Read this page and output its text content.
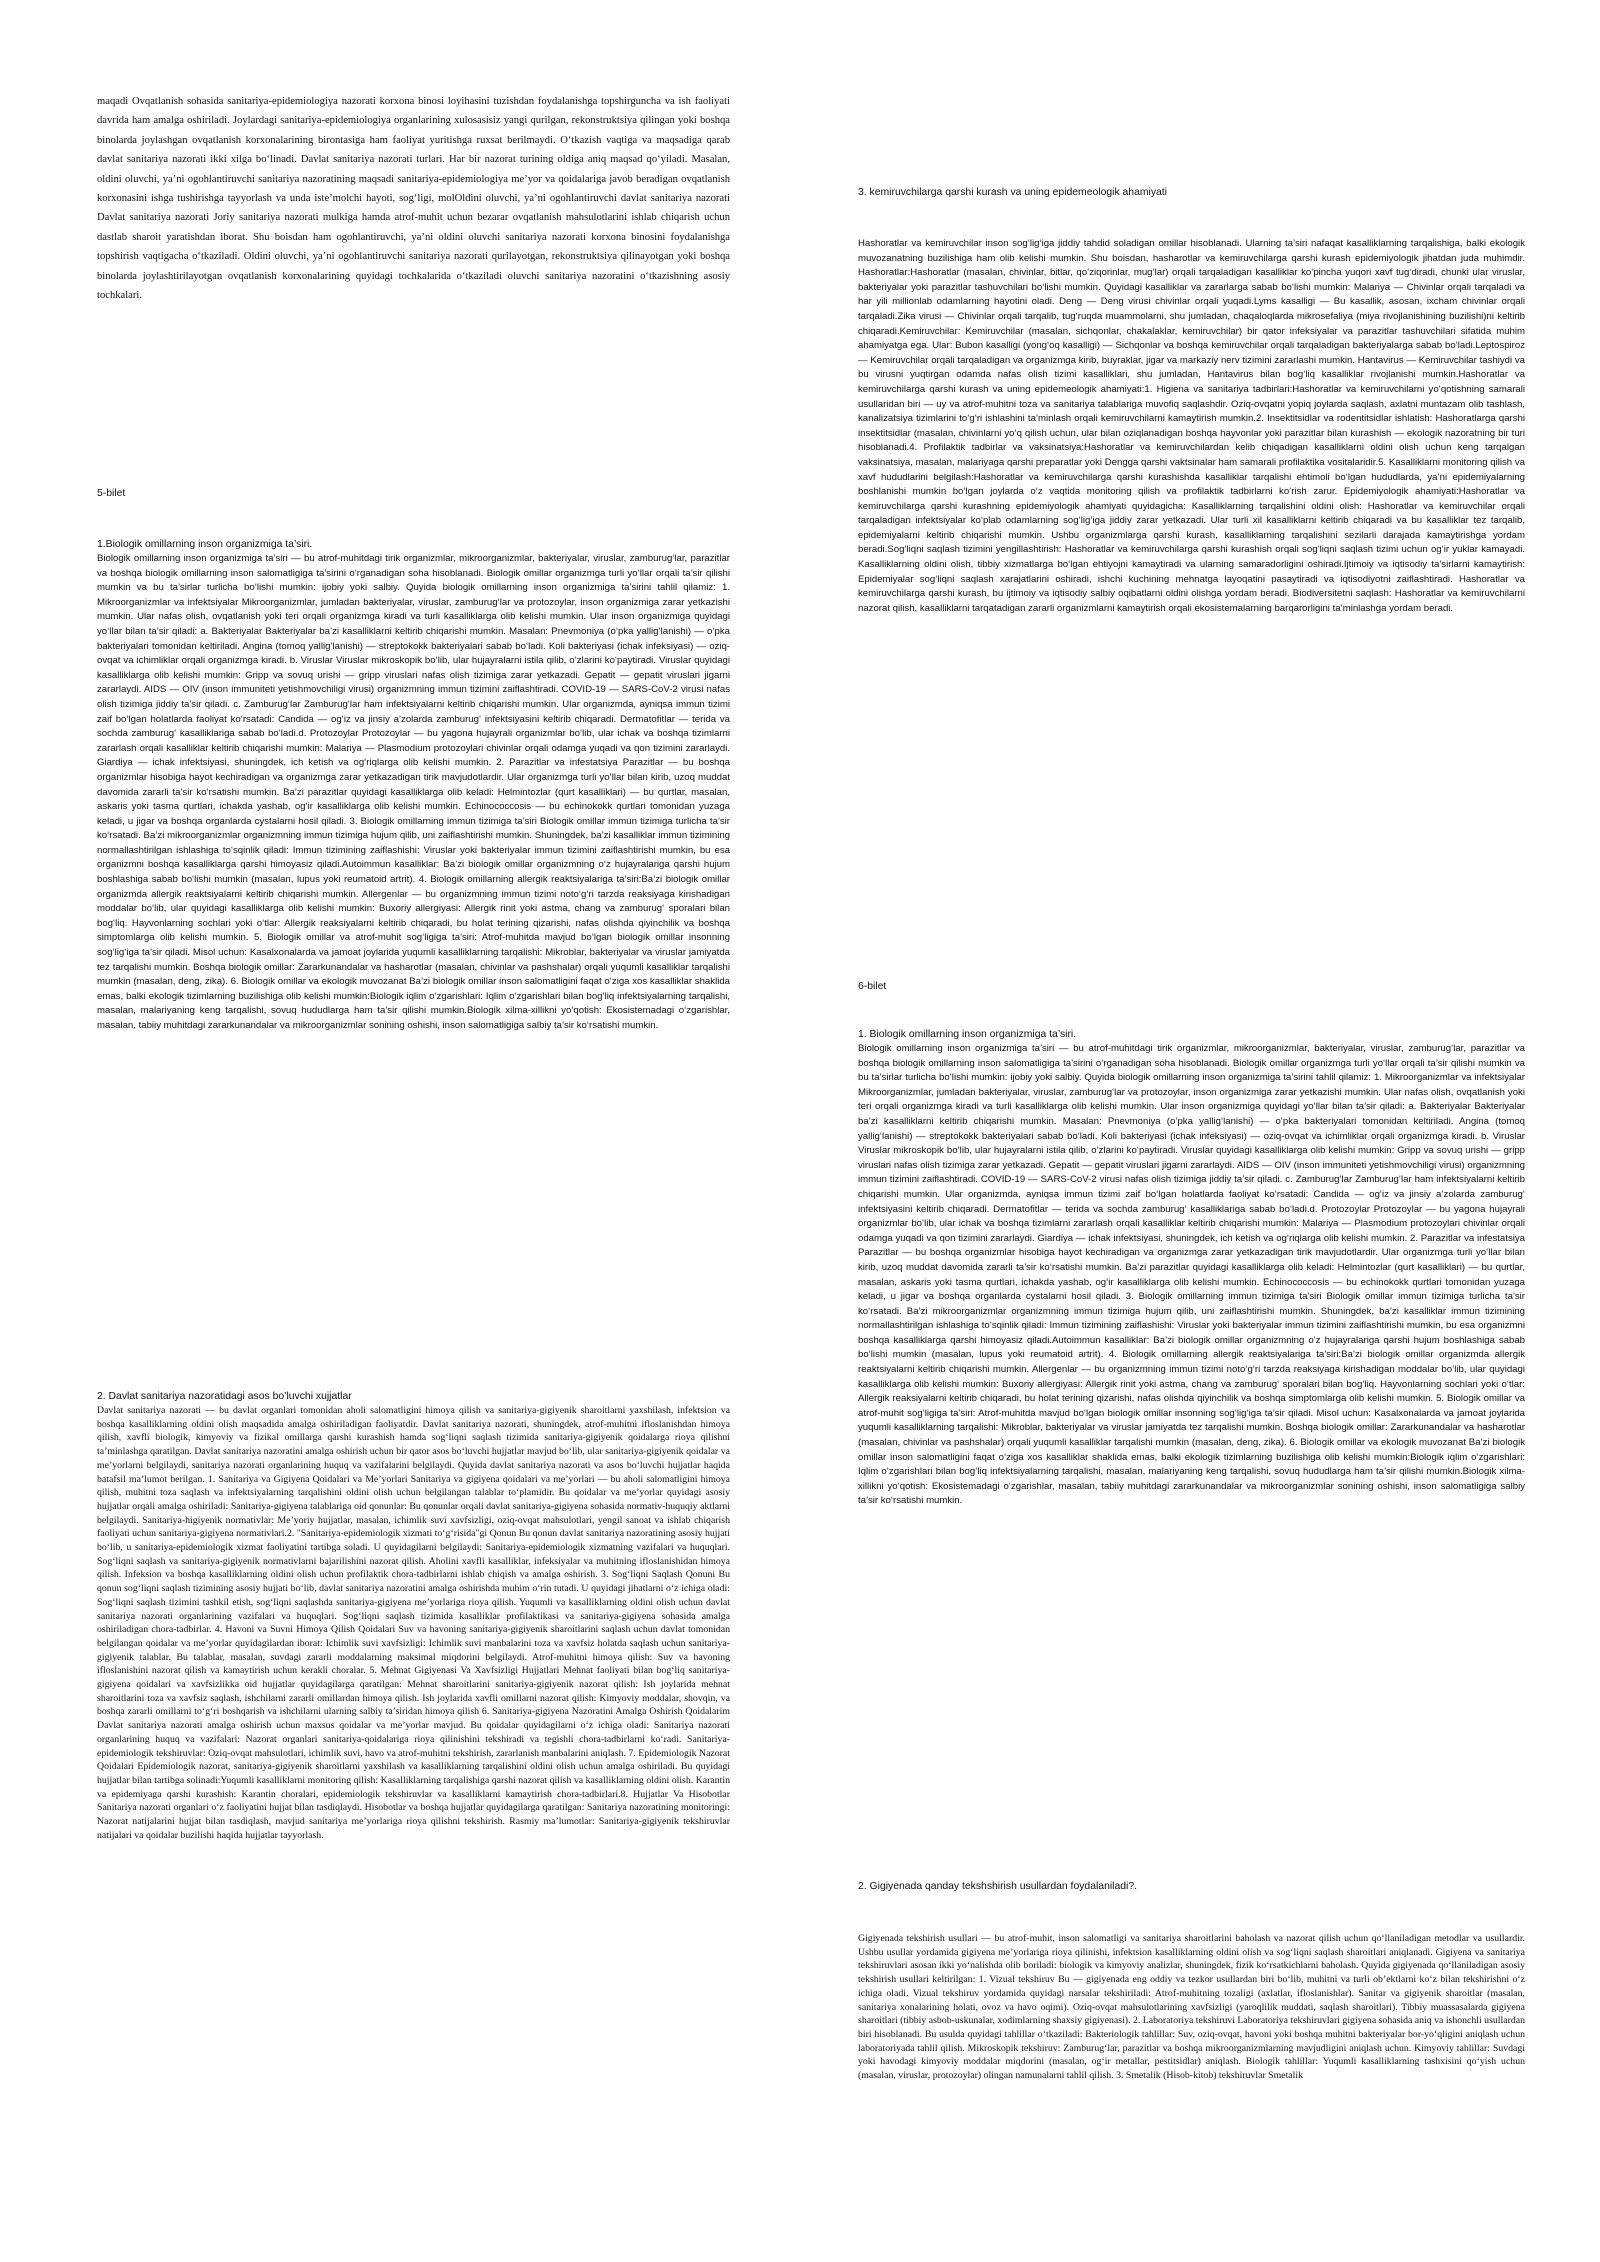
maqadi Ovqatlanish sohasida sanitariya-epidemiologiya nazorati korxona binosi loyihasini tuzishdan foydalanishga topshirguncha va ish faoliyati davrida ham amalga oshiriladi. Joylardagi sanitariya-epidemiologiya organlarining xulosasisiz yangi qurilgan, rekonstruktsiya qilingan yoki boshqa binolarda joylashgan ovqatlanish korxonalarining birontasiga ham faoliyat yuritishga ruxsat berilmaydi. O‘tkazish vaqtiga va maqsadiga qarab davlat sanitariya nazorati ikki xilga bo‘linadi. Davlat sanitariya nazorati turlari. Har bir nazorat turining oldiga aniq maqsad qo‘yiladi. Masalan, oldini oluvchi, ya’ni ogohlantiruvchi sanitariya nazoratining maqsadi sanitariya-epidemiologiya me’yor va qoidalariga javob beradigan ovqatlanish korxonasini ishga tushirishga tayyorlash va unda iste’molchi hayoti, sog‘ligi, molOldini oluvchi, ya’ni ogohlantiruvchi davlat sanitariya nazorati Davlat sanitariya nazorati Joriy sanitariya nazorati mulkiga hamda atrof-muhit uchun bezarar ovqatlanish mahsulotlarini ishlab chiqarish uchun dastlab sharoit yaratishdan iborat. Shu boisdan ham ogohlantiruvchi, ya’ni oldini oluvchi sanitariya nazorati korxona binosini foydalanishga topshirish vaqtigacha o‘tkaziladi. Oldini oluvchi, ya’ni ogohlantiruvchi sanitariya nazorati qurilayotgan, rekonstruktsiya qilinayotgan yoki boshqa binolarda joylashtirilayotgan ovqatlanish korxonalarining quyidagi tochkalarida o‘tkaziladi oluvchi sanitariya nazoratini o‘tkazishning asosiy tochkalari.

5-bilet

1.Biologik omillarning inson organizmiga ta’siri.

Biologik omillarning inson organizmiga ta’siri — bu atrof-muhitdagi tirik organizmlar, mikroorganizmlar, bakteriyalar, viruslar, zamburug‘lar, parazitlar va boshqa biologik omillarning inson salomatligiga ta’sirini o‘rganadigan soha hisoblanadi. Biologik omillar organizmga turli yo‘llar orqali ta’sir qilishi mumkin va bu ta’sirlar turlicha bo‘lishi mumkin: ijobiy yoki salbiy. Quyida biologik omillarning inson organizmiga ta’sirini tahlil qilamiz: 1. Mikroorganizmlar va infektsiyalar Mikroorganizmlar, jumladan bakteriyalar, viruslar, zamburug‘lar va protozoylar, inson organizmiga zarar yetkazishi mumkin. Ular nafas olish, ovqatlanish yoki teri orqali organizmga kiradi va turli kasalliklarga olib kelishi mumkin. Ular inson organizmiga quyidagi yo‘llar bilan ta’sir qiladi: a. Bakteriyalar Bakteriyalar ba’zi kasalliklarni keltirib chiqarishi mumkin. Masalan: Pnevmoniya (o‘pka yallig‘lanishi) — o‘pka bakteriyalari tomonidan keltiriladi. Angina (tomoq yallig‘lanishi) — streptokokk bakteriyalari sabab bo‘ladi. Koli bakteriyasi (ichak infeksiyasi) — oziq-ovqat va ichimliklar orqali organizmga kiradi. b. Viruslar Viruslar mikroskopik bo‘lib, ular hujayralarni istila qilib, o‘zlarini ko‘paytiradi. Viruslar quyidagi kasalliklarga olib kelishi mumkin: Gripp va sovuq urishi — gripp viruslari nafas olish tizimiga zarar yetkazadi. Gepatit — gepatit viruslari jigarni zararlaydi. AIDS — OIV (inson immuniteti yetishmovchiligi virusi) organizmning immun tizimini zaiflashtiradi. COVID-19 — SARS-CoV-2 virusi nafas olish tizimiga jiddiy ta’sir qiladi. c. Zamburug‘lar Zamburug‘lar ham infektsiyalarni keltirib chiqarishi mumkin. Ular organizmda, ayniqsa immun tizimi zaif bo‘lgan holatlarda faoliyat ko‘rsatadi: Candida — og‘iz va jinsiy a’zolarda zamburug‘ infektsiyasini keltirib chiqaradi. Dermatofitlar — terida va sochda zamburug‘ kasalliklariga sabab bo‘ladi.d. Protozoylar Protozoylar — bu yagona hujayrali organizmlar bo‘lib, ular ichak va boshqa tizimlarni zararlash orqali kasalliklar keltirib chiqarishi mumkin: Malariya — Plasmodium protozoylari chivinlar orqali odamga yuqadi va qon tizimini zararlaydi. Giardiya — ichak infektsiyasi, shuningdek, ich ketish va og‘riqlarga olib kelishi mumkin. 2. Parazitlar va infestatsiya Parazitlar — bu boshqa organizmlar hisobiga hayot kechiradigan va organizmga zarar yetkazadigan tirik mavjudotlardir. Ular organizmga turli yo‘llar bilan kirib, uzoq muddat davomida zararli ta’sir ko‘rsatishi mumkin. Ba’zi parazitlar quyidagi kasalliklarga olib keladi: Helmintozlar (qurt kasalliklari) — bu qurtlar, masalan, askaris yoki tasma qurtlari, ichakda yashab, og‘ir kasalliklarga olib kelishi mumkin. Echinococcosis — bu echinokokk qurtlari tomonidan yuzaga keladi, u jigar va boshqa organlarda cystalarni hosil qiladi. 3. Biologik omillarning immun tizimiga ta’siri Biologik omillar immun tizimiga turlicha ta’sir ko‘rsatadi. Ba’zi mikroorganizmlar organizmning immun tizimiga hujum qilib, uni zaiflashtirishi mumkin. Shuningdek, ba’zi kasalliklar immun tizimining normallashtirilgan ishlashiga to‘sqinlik qiladi: Immun tizimining zaiflashishi: Viruslar yoki bakteriyalar immun tizimini zaiflashtirishi mumkin, bu esa organizmni boshqa kasalliklarga qarshi himoyasiz qiladi.Autoimmun kasalliklar: Ba’zi biologik omillar organizmning o‘z hujayralariga qarshi hujum boshlashiga sabab bo‘lishi mumkin (masalan, lupus yoki reumatoid artrit). 4. Biologik omillarning allergik reaktsiyalariga ta’siri:Ba’zi biologik omillar organizmda allergik reaktsiyalarni keltirib chiqarishi mumkin. Allergenlar — bu organizmning immun tizimi noto‘g‘ri tarzda reaksiyaga kirishadigan moddalar bo‘lib, ular quyidagi kasalliklarga olib kelishi mumkin: Buxoriy allergiyasi: Allergik rinit yoki astma, chang va zamburug‘ sporalari bilan bog‘liq. Hayvonlarning sochlari yoki o‘tlar: Allergik reaksiyalarni keltirib chiqaradi, bu holat terining qizarishi, nafas olishda qiyinchilik va boshqa simptomlarga olib kelishi mumkin. 5. Biologik omillar va atrof-muhit sog‘ligiga ta’siri: Atrof-muhitda mavjud bo‘lgan biologik omillar insonning sog‘lig‘iga ta’sir qiladi. Misol uchun: Kasalxonalarda va jamoat joylarida yuqumli kasalliklarning tarqalishi: Mikroblar, bakteriyalar va viruslar jamiyatda tez tarqalishi mumkin. Boshqa biologik omillar: Zararkunandalar va hasharotlar (masalan, chivinlar va pashshalar) orqali yuqumli kasalliklar tarqalishi mumkin (masalan, deng, zika). 6. Biologik omillar va ekologik muvozanat Ba’zi biologik omillar inson salomatligini faqat o‘ziga xos kasalliklar shaklida emas, balki ekologik tizimlarning buzilishiga olib kelishi mumkin:Biologik iqlim o‘zgarishlari: Iqlim o‘zgarishlari bilan bog‘liq infektsiyalarning tarqalishi, masalan, malariyaning keng tarqalishi, sovuq hududlarga ham ta’sir qilishi mumkin.Biologik xilma-xillikni yo‘qotish: Ekosistemadagi o‘zgarishlar, masalan, tabiiy muhitdagi zararkunandalar va mikroorganizmlar sonining oshishi, inson salomatligiga salbiy ta’sir ko‘rsatishi mumkin.

2. Davlat sanitariya nazoratidagi asos bo’luvchi xujjatlar

Davlat sanitariya nazorati — bu davlat organlari tomonidan aholi salomatligini himoya qilish va sanitariya-gigiyenik sharoitlarni yaxshilash, infektsion va boshqa kasalliklarning oldini olish maqsadida amalga oshiriladigan faoliyatdir. Davlat sanitariya nazorati, shuningdek, atrof-muhitni ifloslanishdan himoya qilish, xavfli biologik, kimyoviy va fizikal omillarga qarshi kurashish hamda sog‘liqni saqlash tizimida sanitariya-gigiyenik qoidalarga rioya qilishni ta’minlashga qaratilgan. Davlat sanitariya nazoratini amalga oshirish uchun bir qator asos bo‘luvchi hujjatlar mavjud bo‘lib, ular sanitariya-gigiyenik qoidalar va me’yorlarni belgilaydi, sanitariya nazorati organlarining huquq va vazifalarini belgilaydi. Quyida davlat sanitariya nazorati va asos bo‘luvchi hujjatlar haqida batafsil ma’lumot berilgan. 1. Sanitariya va Gigiyena Qoidalari va Me’yorlari Sanitariya va gigiyena qoidalari va me’yorlari — bu aholi salomatligini himoya qilish, muhitni toza saqlash va infektsiyalarning tarqalishini oldini olish uchun belgilangan talablar to‘plamidir. Bu qoidalar va me’yorlar quyidagi asosiy hujjatlar orqali amalga oshiriladi: Sanitariya-gigiyena talablariga oid qonunlar: Bu qonunlar orqali davlat sanitariya-gigiyena sohasida normativ-huquqiy aktlarni belgilaydi. Sanitariya-higiyenik normativlar: Me’yoriy hujjatlar, masalan, ichimlik suvi xavfsizligi, oziq-ovqat mahsulotlari, yengil sanoat va ishlab chiqarish faoliyati uchun sanitariya-gigiyena normativlari.2. "Sanitariya-epidemiologik xizmati to‘g‘risida"gi Qonun Bu qonun davlat sanitariya nazoratining asosiy hujjati bo‘lib, u sanitariya-epidemiologik xizmat faoliyatini tartibga soladi. U quyidagilarni belgilaydi: Sanitariya-epidemiologik xizmatning vazifalari va huquqlari. Sog‘liqni saqlash va sanitariya-gigiyenik normativlarni bajarilishini nazorat qilish. Aholini xavfli kasalliklar, infeksiyalar va muhitning ifloslanishidan himoya qilish. Infeksion va boshqa kasalliklarning oldini olish uchun profilaktik chora-tadbirlarni ishlab chiqish va amalga oshirish. 3. Sog‘liqni Saqlash Qonuni Bu qonun sog‘liqni saqlash tizimining asosiy hujjati bo‘lib, davlat sanitariya nazoratini amalga oshirishda muhim o‘rin tutadi. U quyidagi jihatlarni o‘z ichiga oladi: Sog‘liqni saqlash tizimini tashkil etish, sog‘liqni saqlashda sanitariya-gigiyena me’yorlariga rioya qilish. Yuqumli va kasalliklarning oldini olish uchun davlat sanitariya nazorati organlarining vazifalari va huquqlari. Sog‘liqni saqlash tizimida kasalliklar profilaktikasi va sanitariya-gigiyena sohasida amalga oshiriladigan chora-tadbirlar. 4. Havoni va Suvni Himoya Qilish Qoidalari Suv va havoning sanitariya-gigiyenik sharoitlarini saqlash uchun davlat tomonidan belgilangan qoidalar va me’yorlar quyidagilardan iborat: Ichimlik suvi xavfsizligi: Ichimlik suvi manbalarini toza va xavfsiz holatda saqlash uchun sanitariya-gigiyenik talablar. Bu talablar, masalan, suvdagi zararli moddalarning maksimal miqdorini belgilaydi. Atrof-muhitni himoya qilish: Suv va havoning ifloslanishini nazorat qilish va kamaytirish uchun kerakli choralar. 5. Mehnat Gigiyenasi Va Xavfsizligi Hujjatlari Mehnat faoliyati bilan bog‘liq sanitariya-gigiyena qoidalari va xavfsizlikka oid hujjatlar quyidagilarga qaratilgan: Mehnat sharoitlarini sanitariya-gigiyenik nazorat qilish: Ish joylarida mehnat sharoitlarini toza va xavfsiz saqlash, ishchilarni zararli omillardan himoya qilish. Ish joylarida xavfli omillarni nazorat qilish: Kimyoviy moddalar, shovqin, va boshqa zararli omillarni to‘g‘ri boshqarish va ishchilarni ularning salbiy ta’siridan himoya qilish 6. Sanitariya-gigiyena Nazoratini Amalga Oshirish Qoidalarim Davlat sanitariya nazorati amalga oshirish uchun maxsus qoidalar va me’yorlar mavjud. Bu qoidalar quyidagilarni o‘z ichiga oladi: Sanitariya nazorati organlarining huquq va vazifalari: Nazorat organlari sanitariya-qoidalariga rioya qilinishini tekshiradi va tegishli chora-tadbirlarni ko‘radi. Sanitariya-epidemiologik tekshiruvlar: Oziq-ovqat mahsulotlari, ichimlik suvi, havo va atrof-muhitni tekshirish, zararlanish manbalarini aniqlash. 7. Epidemiologik Nazorat Qoidalari Epidemiologik nazorat, sanitariya-gigiyenik sharoitlarni yaxshilash va kasalliklarning tarqalishini oldini olish uchun amalga oshiriladi. Bu quyidagi hujjatlar bilan tartibga solinadi:Yuqumli kasalliklarni monitoring qilish: Kasalliklarning tarqalishiga qarshi nazorat qilish va kasalliklarning oldini olish. Karantin va epidemiyaga qarshi kurashish: Karantin choralari, epidemiologik tekshiruvlar va kasalliklarni kamaytirish chora-tadbirlari.8. Hujjatlar Va Hisobotlar Sanitariya nazorati organlari o‘z faoliyatini hujjat bilan tasdiqlaydi. Hisobotlar va boshqa hujjatlar quyidagilarga qaratilgan: Sanitariya nazoratining monitoringi: Nazorat natijalarini hujjat bilan tasdiqlash, mavjud sanitariya me’yorlariga rioya qilishni tekshirish. Rasmiy ma’lumotlar: Sanitariya-gigiyenik tekshiruvlar natijalari va qoidalar buzilishi haqida hujjatlar tayyorlash.

3. kemiruvchilarga qarshi kurash va uning epidemeologik ahamiyati

Hashoratlar va kemiruvchilar inson sog‘lig‘iga jiddiy tahdid soladigan omillar hisoblanadi. Ularning ta’siri nafaqat kasalliklarning tarqalishiga, balki ekologik muvozanatning buzilishiga ham olib kelishi mumkin. Shu boisdan, hasharotlar va kemiruvchilarga qarshi kurash epidemiyologik jihatdan juda muhimdir. Hashoratlar:Hashoratlar (masalan, chivinlar, bitlar, qo‘ziqorinlar, mug‘lar) orqali tarqaladigan kasalliklar ko‘pincha yuqori xavf tug‘diradi, chunki ular viruslar, bakteriyalar yoki parazitlar tashuvchilari bo‘lishi mumkin. Quyidagi kasalliklar va zararlarga sabab bo‘lishi mumkin: Malariya — Chivinlar orqali tarqaladi va har yili millionlab odamlarning hayotini oladi. Deng — Deng virusi chivinlar orqali yuqadi.Lyms kasalligi — Bu kasallik, asosan, ixcham chivinlar orqali tarqaladi.Zika virusi — Chivinlar orqali tarqalib, tug‘ruqda muammolarni, shu jumladan, chaqaloqlarda mikrosefaliya (miya rivojlanishining buzilishi)ni keltirib chiqaradi.Kemiruvchilar: Kemiruvchilar (masalan, sichqonlar, chakalaklar, kemiruvchilar) bir qator infeksiyalar va parazitlar tashuvchilari sifatida muhim ahamiyatga ega. Ular: Bubon kasalligi (yong‘oq kasalligi) — Sichqonlar va boshqa kemiruvchilar orqali tarqaladigan bakteriyalarga sabab bo‘ladi.Leptospiroz — Kemiruvchilar orqali tarqaladigan va organizmga kirib, buyraklar, jigar va markaziy nerv tizimini zararlashi mumkin. Hantavirus — Kemiruvchilar tashiydi va bu virusni yuqtirgan odamda nafas olish tizimi kasalliklari, shu jumladan, Hantavirus bilan bog‘liq kasalliklar rivojlanishi mumkin.Hashoratlar va kemiruvchilarga qarshi kurash va uning epidemeologik ahamiyati:1. Higiena va sanitariya tadbirlari:Hashoratlar va kemiruvchilarni yo‘qotishning samarali usullaridan biri — uy va atrof-muhitni toza va sanitariya talablariga muvofiq saqlashdir. Oziq-ovqatni yopiq joylarda saqlash, axlatni muntazam olib tashlash, kanalizatsiya tizimlarini to‘g‘ri ishlashini ta’minlash orqali kemiruvchilarni kamaytirish mumkin.2. Insektitsidlar va rodentitsidlar ishlatish: Hashoratlarga qarshi insektitsidlar (masalan, chivinlarni yo‘q qilish uchun, ular bilan oziqlanadigan boshqa hayvonlar yoki parazitlar bilan kurashish — ekologik nazoratning bir turi hisoblanadi.4. Profilaktik tadbirlar va vaksinatsiya:Hashoratlar va kemiruvchilardan kelib chiqadigan kasalliklarni oldini olish uchun keng tarqalgan vaksinatsiya, masalan, malariyaga qarshi preparatlar yoki Dengga qarshi vaktsinalar ham samarali profilaktika vositalaridir.5. Kasalliklarni monitoring qilish va xavf hududlarini belgilash:Hashoratlar va kemiruvchilarga qarshi kurashishda kasalliklar tarqalishi ehtimoli bo‘lgan hududlarda, ya’ni epidemiyalarning boshlanishi mumkin bo‘lgan joylarda o‘z vaqtida monitoring qilish va profilaktik tadbirlarni ko‘rish zarur. Epidemiyologik ahamiyati:Hashoratlar va kemiruvchilarga qarshi kurashning epidemiyologik ahamiyati quyidagicha: Kasalliklarning tarqalishini oldini olish: Hashoratlar va kemiruvchilar orqali tarqaladigan infektsiyalar ko‘plab odamlarning sog‘lig‘iga jiddiy zarar yetkazadi. Ular turli xil kasalliklarni keltirib chiqaradi va bu kasalliklar tez tarqalib, epidemiyalarni keltirib chiqarishi mumkin. Ushbu organizmlarga qarshi kurash, kasalliklarning tarqalishini sezilarli darajada kamaytirishga yordam beradi.Sog‘liqni saqlash tizimini yengillashtirish: Hashoratlar va kemiruvchilarga qarshi kurashish orqali sog‘liqni saqlash tizimi uchun og‘ir yuklar kamayadi. Kasalliklarning oldini olish, tibbiy xizmatlarga bo‘lgan ehtiyojni kamaytiradi va ularning samaradorligini oshiradi.Ijtimoiy va iqtisodiy ta’sirlarni kamaytirish: Epidemiyalar sog‘liqni saqlash xarajatlarini oshiradi, ishchi kuchining mehnatga layoqatini pasaytiradi va iqtisodiyotni zaiflashtiradi. Hashoratlar va kemiruvchilarga qarshi kurash, bu ijtimoiy va iqtisodiy salbiy oqibatlarni oldini olishga yordam beradi. Biodiversitetni saqlash: Hashoratlar va kemiruvchilarni nazorat qilish, kasalliklarni tarqatadigan zararli organizmlarni kamaytirish orqali ekosistemalarning barqarorligini ta’minlashga yordam beradi.

6-bilet

1. Biologik omillarning inson organizmiga ta’siri.

Biologik omillarning inson organizmiga ta’siri — bu atrof-muhitdagi tirik organizmlar, mikroorganizmlar, bakteriyalar, viruslar, zamburug‘lar, parazitlar va boshqa biologik omillarning inson salomatligiga ta’sirini o‘rganadigan soha hisoblanadi. Biologik omillar organizmga turli yo‘llar orqali ta’sir qilishi mumkin va bu ta’sirlar turlicha bo‘lishi mumkin: ijobiy yoki salbiy. Quyida biologik omillarning inson organizmiga ta’sirini tahlil qilamiz: 1. Mikroorganizmlar va infektsiyalar Mikroorganizmlar, jumladan bakteriyalar, viruslar, zamburug‘lar va protozoylar, inson organizmiga zarar yetkazishi mumkin. Ular nafas olish, ovqatlanish yoki teri orqali organizmga kiradi va turli kasalliklarga olib kelishi mumkin. Ular inson organizmiga quyidagi yo‘llar bilan ta’sir qiladi: a. Bakteriyalar Bakteriyalar ba’zi kasalliklarni keltirib chiqarishi mumkin. Masalan: Pnevmoniya (o‘pka yallig‘lanishi) — o‘pka bakteriyalari tomonidan keltiriladi. Angina (tomoq yallig‘lanishi) — streptokokk bakteriyalari sabab bo‘ladi. Koli bakteriyasi (ichak infeksiyasi) — oziq-ovqat va ichimliklar orqali organizmga kiradi. b. Viruslar Viruslar mikroskopik bo‘lib, ular hujayralarni istila qilib, o‘zlarini ko‘paytiradi. Viruslar quyidagi kasalliklarga olib kelishi mumkin: Gripp va sovuq urishi — gripp viruslari nafas olish tizimiga zarar yetkazadi. Gepatit — gepatit viruslari jigarni zararlaydi. AIDS — OIV (inson immuniteti yetishmovchiligi virusi) organizmning immun tizimini zaiflashtiradi. COVID-19 — SARS-CoV-2 virusi nafas olish tizimiga jiddiy ta’sir qiladi. c. Zamburug‘lar Zamburug‘lar ham infektsiyalarni keltirib chiqarishi mumkin. Ular organizmda, ayniqsa immun tizimi zaif bo‘lgan holatlarda faoliyat ko‘rsatadi: Candida — og‘iz va jinsiy a’zolarda zamburug‘ infektsiyasini keltirib chiqaradi. Dermatofitlar — terida va sochda zamburug‘ kasalliklariga sabab bo‘ladi.d. Protozoylar Protozoylar — bu yagona hujayrali organizmlar bo‘lib, ular ichak va boshqa tizimlarni zararlash orqali kasalliklar keltirib chiqarishi mumkin: Malariya — Plasmodium protozoylari chivinlar orqali odamga yuqadi va qon tizimini zararlaydi. Giardiya — ichak infektsiyasi, shuningdek, ich ketish va og‘riqlarga olib kelishi mumkin. 2. Parazitlar va infestatsiya Parazitlar — bu boshqa organizmlar hisobiga hayot kechiradigan va organizmga zarar yetkazadigan tirik mavjudotlardir. Ular organizmga turli yo‘llar bilan kirib, uzoq muddat davomida zararli ta’sir ko‘rsatishi mumkin. Ba’zi parazitlar quyidagi kasalliklarga olib keladi: Helmintozlar (qurt kasalliklari) — bu qurtlar, masalan, askaris yoki tasma qurtlari, ichakda yashab, og‘ir kasalliklarga olib kelishi mumkin. Echinococcosis — bu echinokokk qurtlari tomonidan yuzaga keladi, u jigar va boshqa organlarda cystalarni hosil qiladi. 3. Biologik omillarning immun tizimiga ta’siri Biologik omillar immun tizimiga turlicha ta’sir ko‘rsatadi. Ba’zi mikroorganizmlar organizmning immun tizimiga hujum qilib, uni zaiflashtirishi mumkin. Shuningdek, ba’zi kasalliklar immun tizimining normallashtirilgan ishlashiga to‘sqinlik qiladi: Immun tizimining zaiflashishi: Viruslar yoki bakteriyalar immun tizimini zaiflashtirishi mumkin, bu esa organizmni boshqa kasalliklarga qarshi himoyasiz qiladi.Autoimmun kasalliklar: Ba’zi biologik omillar organizmning o‘z hujayralariga qarshi hujum boshlashiga sabab bo‘lishi mumkin (masalan, lupus yoki reumatoid artrit). 4. Biologik omillarning allergik reaktsiyalariga ta’siri:Ba’zi biologik omillar organizmda allergik reaktsiyalarni keltirib chiqarishi mumkin. Allergenlar — bu organizmning immun tizimi noto‘g‘ri tarzda reaksiyaga kirishadigan moddalar bo‘lib, ular quyidagi kasalliklarga olib kelishi mumkin: Buxoriy allergiyasi: Allergik rinit yoki astma, chang va zamburug‘ sporalari bilan bog‘liq. Hayvonlarning sochlari yoki o‘tlar: Allergik reaksiyalarni keltirib chiqaradi, bu holat terining qizarishi, nafas olishda qiyinchilik va boshqa simptomlarga olib kelishi mumkin. 5. Biologik omillar va atrof-muhit sog‘ligiga ta’siri: Atrof-muhitda mavjud bo‘lgan biologik omillar insonning sog‘lig‘iga ta’sir qiladi. Misol uchun: Kasalxonalarda va jamoat joylarida yuqumli kasalliklarning tarqalishi: Mikroblar, bakteriyalar va viruslar jamiyatda tez tarqalishi mumkin. Boshqa biologik omillar: Zararkunandalar va hasharotlar (masalan, chivinlar va pashshalar) orqali yuqumli kasalliklar tarqalishi mumkin (masalan, deng, zika). 6. Biologik omillar va ekologik muvozanat Ba’zi biologik omillar inson salomatligini faqat o‘ziga xos kasalliklar shaklida emas, balki ekologik tizimlarning buzilishiga olib kelishi mumkin:Biologik iqlim o‘zgarishlari: Iqlim o‘zgarishlari bilan bog‘liq infektsiyalarning tarqalishi, masalan, malariyaning keng tarqalishi, sovuq hududlarga ham ta’sir qilishi mumkin.Biologik xilma-xillikni yo‘qotish: Ekosistemadagi o‘zgarishlar, masalan, tabiiy muhitdagi zararkunandalar va mikroorganizmlar sonining oshishi, inson salomatligiga salbiy ta’sir ko‘rsatishi mumkin.

2. Gigiyenada qanday tekshshirish usullardan foydalaniladi?.

Gigiyenada tekshirish usullari — bu atrof-muhit, inson salomatligi va sanitariya sharoitlarini baholash va nazorat qilish uchun qo‘llaniladigan metodlar va usullardir. Ushbu usullar yordamida gigiyena me’yorlariga rioya qilinishi, infektsion kasalliklarning oldini olish va sog‘liqni saqlash sharoitlari aniqlanadi. Gigiyena va sanitariya tekshiruvlari asosan ikki yo‘nalishda olib boriladi: biologik va kimyoviy analizlar, shuningdek, fizik ko‘rsatkichlarni baholash. Quyida gigiyenada qo‘llaniladigan asosiy tekshirish usullari keltirilgan: 1. Vizual tekshiruv Bu — gigiyenada eng oddiy va tezkor usullardan biri bo‘lib, muhitni va turli ob’ektlarni ko‘z bilan tekshirishni o‘z ichiga oladi. Vizual tekshiruv yordamida quyidagi narsalar tekshiriladi: Atrof-muhitning tozaligi (axlatlar, ifloslanishlar). Sanitar va gigiyenik sharoitlar (masalan, sanitariya xonalarining holati, ovoz va havo oqimi). Oziq-ovqat mahsulotlarining xavfsizligi (yaroqlilik muddati, saqlash sharoitlari). Tibbiy muassasalarda gigiyena sharoitlari (tibbiy asbob-uskunalar, xodimlarning shaxsiy gigiyenasi). 2. Laboratoriya tekshiruvi Laboratoriya tekshiruvlari gigiyena sohasida aniq va ishonchli usullardan biri hisoblanadi. Bu usulda quyidagi tahlillar o‘tkaziladi: Bakteriologik tahlillar: Suv, oziq-ovqat, havoni yoki boshqa muhitni bakteriyalar bor-yo‘qligini aniqlash uchun laboratoriyada tahlil qilish. Mikroskopik tekshiruv: Zamburug‘lar, parazitlar va boshqa mikroorganizmlarning mavjudligini aniqlash uchun. Kimyoviy tahlillar: Suvdagi yoki havodagi kimyoviy moddalar miqdorini (masalan, og‘ir metallar, pestitsidlar) aniqlash. Biologik tahlillar: Yuqumli kasalliklarning tashxisini qo‘yish uchun (masalan, viruslar, protozoylar) olingan namunalarni tahlil qilish. 3. Smetalik (Hisob-kitob) tekshiruvlar Smetalik
